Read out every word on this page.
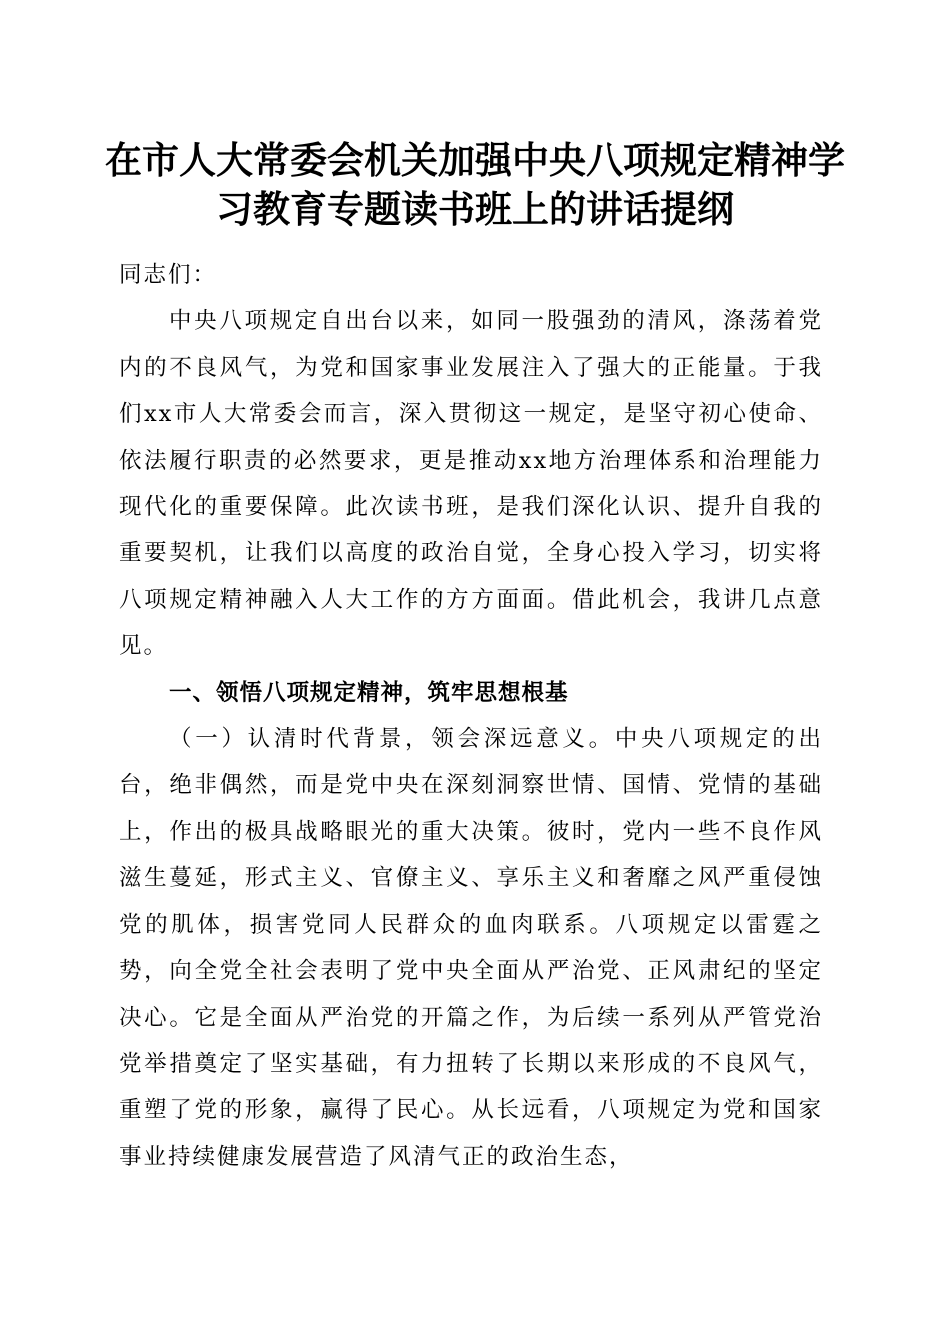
在市人大常委会机关加强中央八项规定精神学
习教育专题读书班上的讲话提纲

同志们：

中央八项规定自出台以来，如同一股强劲的清风，涤荡着党内的不良风气，为党和国家事业发展注入了强大的正能量。于我们xx市人大常委会而言，深入贯彻这一规定，是坚守初心使命、依法履行职责的必然要求，更是推动xx地方治理体系和治理能力现代化的重要保障。此次读书班，是我们深化认识、提升自我的重要契机，让我们以高度的政治自觉，全身心投入学习，切实将八项规定精神融入人大工作的方方面面。借此机会，我讲几点意见。

一、领悟八项规定精神，筑牢思想根基

（一）认清时代背景，领会深远意义。中央八项规定的出台，绝非偶然，而是党中央在深刻洞察世情、国情、党情的基础上，作出的极具战略眼光的重大决策。彼时，党内一些不良作风滋生蔓延，形式主义、官僚主义、享乐主义和奢靡之风严重侵蚀党的肌体，损害党同人民群众的血肉联系。八项规定以雷霆之势，向全党全社会表明了党中央全面从严治党、正风肃纪的坚定决心。它是全面从严治党的开篇之作，为后续一系列从严管党治党举措奠定了坚实基础，有力扭转了长期以来形成的不良风气，重塑了党的形象，赢得了民心。从长远看，八项规定为党和国家事业持续健康发展营造了风清气正的政治生态，
